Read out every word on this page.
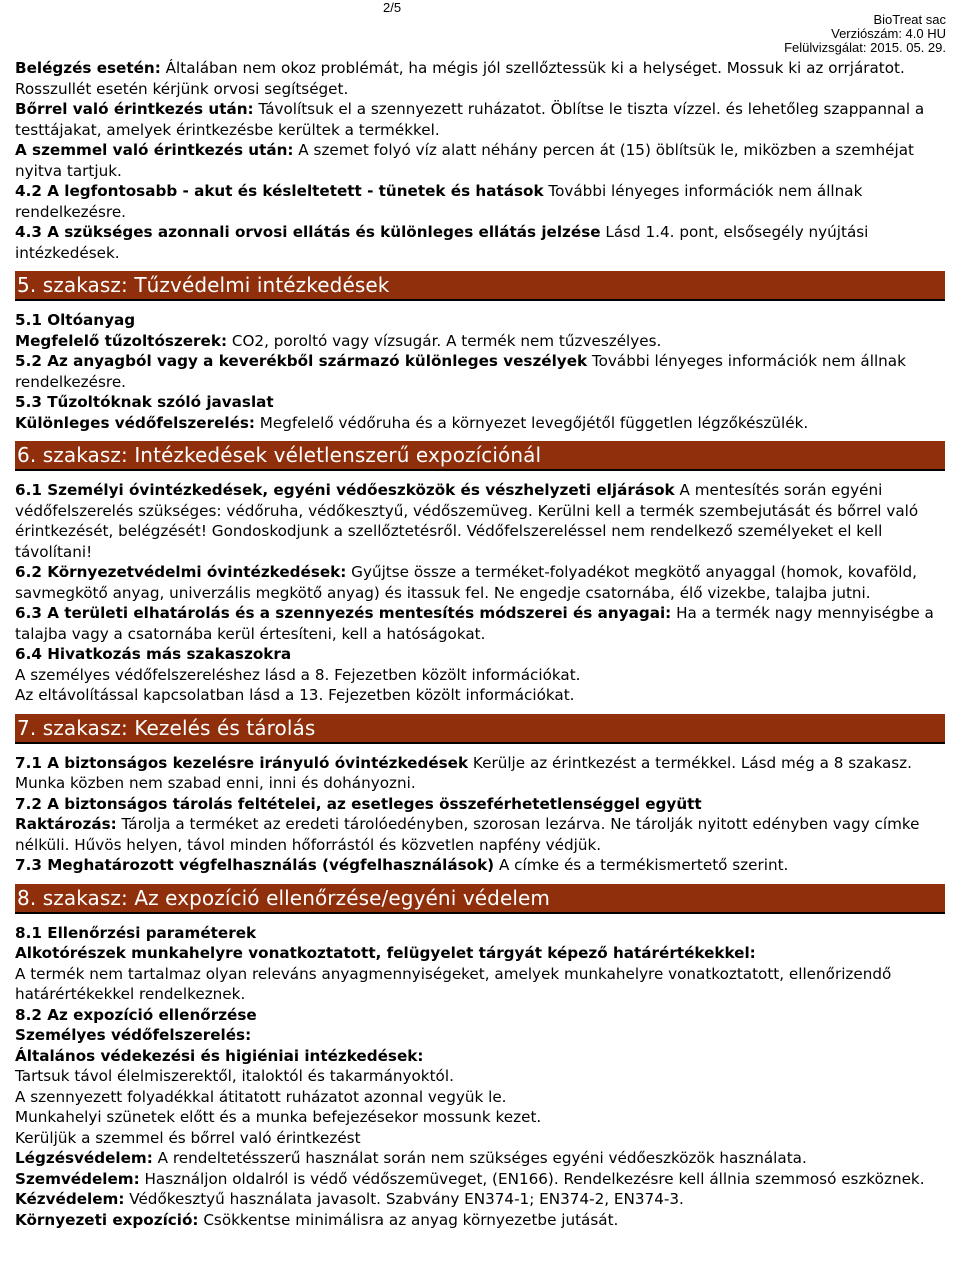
2/5
BioTreat sac
Verziószám: 4.0 HU
Felülvizsgálat: 2015. 05. 29.

Belégzés esetén: Általában nem okoz problémát, ha mégis jól szellőztessük ki a helységet. Mossuk ki az orrjáratot. Rosszullét esetén kérjünk orvosi segítséget.

Bőrrel való érintkezés után: Távolítsuk el a szennyezett ruházatot. Öblítse le tiszta vízzel. és lehetőleg szappannal a testtájakat, amelyek érintkezésbe kerültek a termékkel.

A szemmel való érintkezés után: A szemet folyó víz alatt néhány percen át (15) öblítsük le, miközben a szemhéjat nyitva tartjuk.

4.2 A legfontosabb - akut és késleltetett - tünetek és hatások További lényeges információk nem állnak rendelkezésre.

4.3 A szükséges azonnali orvosi ellátás és különleges ellátás jelzése Lásd 1.4. pont, elsősegély nyújtási intézkedések.

5. szakasz: Tűzvédelmi intézkedések

5.1 Oltóanyag

Megfelelő tűzoltószerek: CO2, poroltó vagy vízsugár. A termék nem tűzveszélyes.

5.2 Az anyagból vagy a keverékből származó különleges veszélyek További lényeges információk nem állnak rendelkezésre.

5.3 Tűzoltóknak szóló javaslat

Különleges védőfelszerelés: Megfelelő védőruha és a környezet levegőjétől független légzőkészülék.

6. szakasz: Intézkedések véletlenszerű expozíciónál

6.1 Személyi óvintézkedések, egyéni védőeszközök és vészhelyzeti eljárások A mentesítés során egyéni védőfelszerelés szükséges: védőruha, védőkesztyű, védőszemüveg. Kerülni kell a termék szembejutását és bőrrel való érintkezését, belégzését! Gondoskodjunk a szellőztetésről. Védőfelszereléssel nem rendelkező személyeket el kell távolítani!

6.2 Környezetvédelmi óvintézkedések: Gyűjtse össze a terméket-folyadékot megkötő anyaggal (homok, kovaföld, savmegkötő anyag, univerzális megkötő anyag) és itassuk fel. Ne engedje csatornába, élő vizekbe, talajba jutni.

6.3 A területi elhatárolás és a szennyezés mentesítés módszerei és anyagai: Ha a termék nagy mennyiségbe a talajba vagy a csatornába kerül értesíteni, kell a hatóságokat.

6.4 Hivatkozás más szakaszokra

A személyes védőfelszereléshez lásd a 8. Fejezetben közölt információkat.

Az eltávolítással kapcsolatban lásd a 13. Fejezetben közölt információkat.

7. szakasz: Kezelés és tárolás

7.1 A biztonságos kezelésre irányuló óvintézkedések Kerülje az érintkezést a termékkel. Lásd még a 8 szakasz. Munka közben nem szabad enni, inni és dohányozni.

7.2 A biztonságos tárolás feltételei, az esetleges összeférhetetlenséggel együtt

Raktározás: Tárolja a terméket az eredeti tárolóedényben, szorosan lezárva. Ne tárolják nyitott edényben vagy címke nélküli. Hűvös helyen, távol minden hőforrástól és közvetlen napfény védjük.

7.3 Meghatározott végfelhasználás (végfelhasználások) A címke és a termékismertető szerint.

8. szakasz: Az expozíció ellenőrzése/egyéni védelem

8.1 Ellenőrzési paraméterek

Alkotórészek munkahelyre vonatkoztatott, felügyelet tárgyát képező határértékekkel:

A termék nem tartalmaz olyan releváns anyagmennyiségeket, amelyek munkahelyre vonatkoztatott, ellenőrizendő határértékekkel rendelkeznek.

8.2 Az expozíció ellenőrzése

Személyes védőfelszerelés:

Általános védekezési és higiéniai intézkedések:

Tartsuk távol élelmiszerektől, italoktól és takarmányoktól.

A szennyezett folyadékkal átitatott ruházatot azonnal vegyük le.

Munkahelyi szünetek előtt és a munka befejezésekor mossunk kezet.

Kerüljük a szemmel és bőrrel való érintkezést

Légzésvédelem: A rendeltetésszerű használat során nem szükséges egyéni védőeszközök használata.

Szemvédelem: Használjon oldalról is védő védőszemüveget, (EN166). Rendelkezésre kell állnia szemmosó eszköznek.

Kézvédelem: Védőkesztyű használata javasolt. Szabvány EN374-1; EN374-2, EN374-3.

Környezeti expozíció: Csökkentse minimálisra az anyag környezetbe jutását.
